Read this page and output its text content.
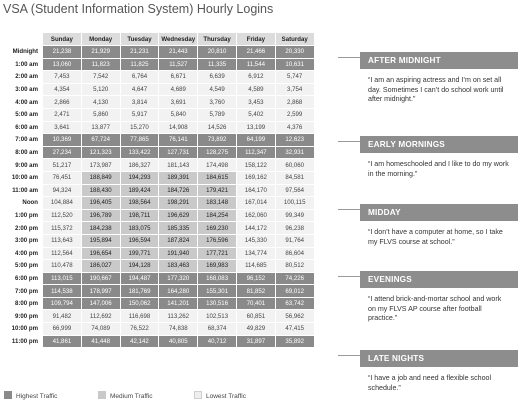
VSA (Student Information System) Hourly Logins
	Sunday	Monday	Tuesday	Wednesday	Thursday	Friday	Saturday
Midnight	21,238	21,929	21,231	21,443	20,810	21,466	20,330
1:00 am	13,060	11,823	11,825	11,527	11,335	11,544	10,631
2:00 am	7,453	7,542	6,764	6,671	6,639	6,912	5,747
3:00 am	4,354	5,120	4,647	4,689	4,549	4,589	3,754
4:00 am	2,866	4,130	3,814	3,691	3,760	3,453	2,868
5:00 am	2,471	5,860	5,917	5,840	5,789	5,402	2,599
6:00 am	3,641	13,877	15,270	14,908	14,526	13,199	4,376
7:00 am	10,369	67,724	77,865	76,141	73,892	64,199	12,623
8:00 am	27,234	121,323	133,422	127,731	128,275	112,347	32,931
9:00 am	51,217	173,987	186,327	181,143	174,498	158,122	60,060
10:00 am	76,451	188,849	194,293	189,391	184,615	169,162	84,581
11:00 am	94,324	188,430	189,424	184,726	179,421	164,170	97,564
Noon	104,884	196,405	198,564	198,291	183,148	167,014	100,115
1:00 pm	112,520	196,789	198,711	196,629	184,254	162,060	99,349
2:00 pm	115,372	184,238	183,075	185,335	169,230	144,172	96,238
3:00 pm	113,643	195,894	196,594	187,824	176,596	145,330	91,764
4:00 pm	112,564	196,654	199,771	191,940	177,721	134,774	86,604
5:00 pm	110,478	186,027	194,128	183,463	169,983	114,685	80,512
6:00 pm	113,015	190,667	194,487	177,320	168,083	96,152	74,226
7:00 pm	114,538	178,997	181,769	164,280	155,301	81,852	69,012
8:00 pm	109,794	147,006	150,062	141,201	130,516	70,401	63,742
9:00 pm	91,482	112,692	116,698	113,262	102,513	60,851	56,962
10:00 pm	66,999	74,089	76,522	74,838	68,374	49,829	47,415
11:00 pm	41,861	41,448	42,142	40,805	40,712	31,897	35,892
Highest Traffic	Medium Traffic	Lowest Traffic
AFTER MIDNIGHT
“I am an aspiring actress and I’m on set all day. Sometimes I can’t do school work until after midnight.”
EARLY MORNINGS
“I am homeschooled and I like to do my work in the morning.”
MIDDAY
“I don’t have a computer at home, so I take my FLVS course at school.”
EVENINGS
“I attend brick-and-mortar school and work on my FLVS AP course after football practice.”
LATE NIGHTS
“I have a job and need a flexible school schedule.”
